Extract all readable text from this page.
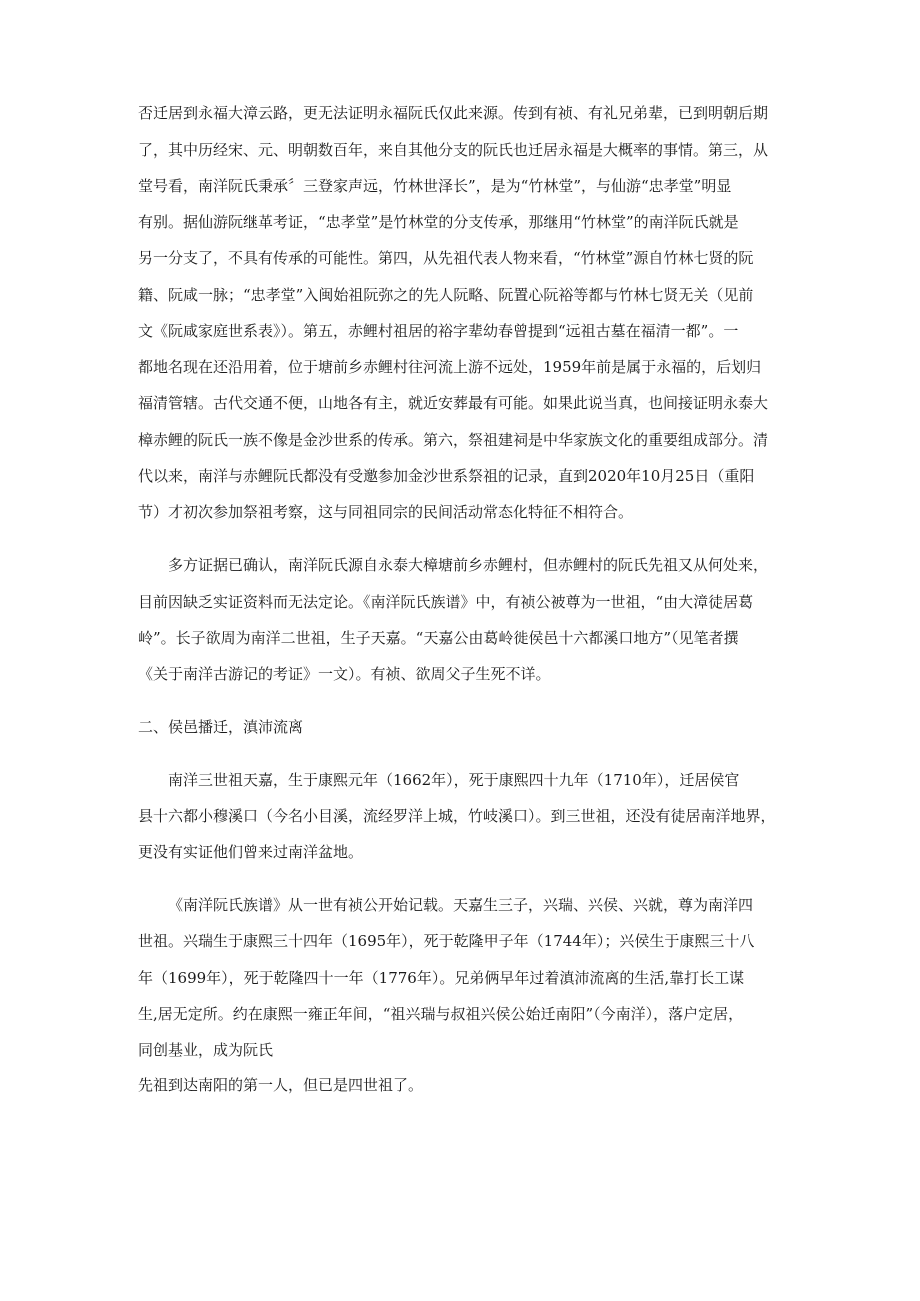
否迁居到永福大漳云路，更无法证明永福阮氏仅此来源。传到有祯、有礼兄弟辈，已到明朝后期
了，其中历经宋、元、明朝数百年，来自其他分支的阮氏也迁居永福是大概率的事情。第三，从
堂号看，南洋阮氏秉承〞三登家声远，竹林世泽长”，是为“竹林堂”，与仙游“忠孝堂”明显
有别。据仙游阮继革考证，“忠孝堂”是竹林堂的分支传承，那继用“竹林堂”的南洋阮氏就是
另一分支了，不具有传承的可能性。第四，从先祖代表人物来看，“竹林堂”源自竹林七贤的阮
籍、阮咸一脉；“忠孝堂”入闽始祖阮弥之的先人阮略、阮置心阮裕等都与竹林七贤无关（见前
文《阮咸家庭世系表》）。第五，赤鲤村祖居的裕字辈幼春曾提到“远祖古墓在福清一都”。一
都地名现在还沿用着，位于塘前乡赤鲤村往河流上游不远处，1959年前是属于永福的，后划归
福清管辖。古代交通不便，山地各有主，就近安葬最有可能。如果此说当真，也间接证明永泰大
樟赤鲤的阮氏一族不像是金沙世系的传承。第六，祭祖建祠是中华家族文化的重要组成部分。清
代以来，南洋与赤鲤阮氏都没有受邀参加金沙世系祭祖的记录，直到2020年10月25日（重阳
节）才初次参加祭祖考察，这与同祖同宗的民间活动常态化特征不相符合。
多方证据已确认，南洋阮氏源自永泰大樟塘前乡赤鲤村，但赤鲤村的阮氏先祖又从何处来，
目前因缺乏实证资料而无法定论。《南洋阮氏族谱》中，有祯公被尊为一世祖，“由大漳徒居葛
岭”。长子欲周为南洋二世祖，生子天嘉。“天嘉公由葛岭徙侯邑十六都溪口地方”（见笔者撰
《关于南洋古游记的考证》一文）。有祯、欲周父子生死不详。
二、侯邑播迁，滇沛流离
南洋三世祖天嘉，生于康熙元年（1662年），死于康熙四十九年（1710年），迁居侯官
县十六都小穆溪口（今名小目溪，流经罗洋上城，竹岐溪口）。到三世祖，还没有徒居南洋地界，
更没有实证他们曾来过南洋盆地。
《南洋阮氏族谱》从一世有祯公开始记载。天嘉生三子，兴瑞、兴侯、兴就，尊为南洋四
世祖。兴瑞生于康熙三十四年（1695年），死于乾隆甲子年（1744年）；兴侯生于康熙三十八
年（1699年），死于乾隆四十一年（1776年）。兄弟俩早年过着滇沛流离的生活,靠打长工谋
生,居无定所。约在康熙一雍正年间，“祖兴瑞与叔祖兴侯公始迁南阳”（今南洋），落户定居，
同创基业，成为阮氏
先祖到达南阳的第一人，但已是四世祖了。
